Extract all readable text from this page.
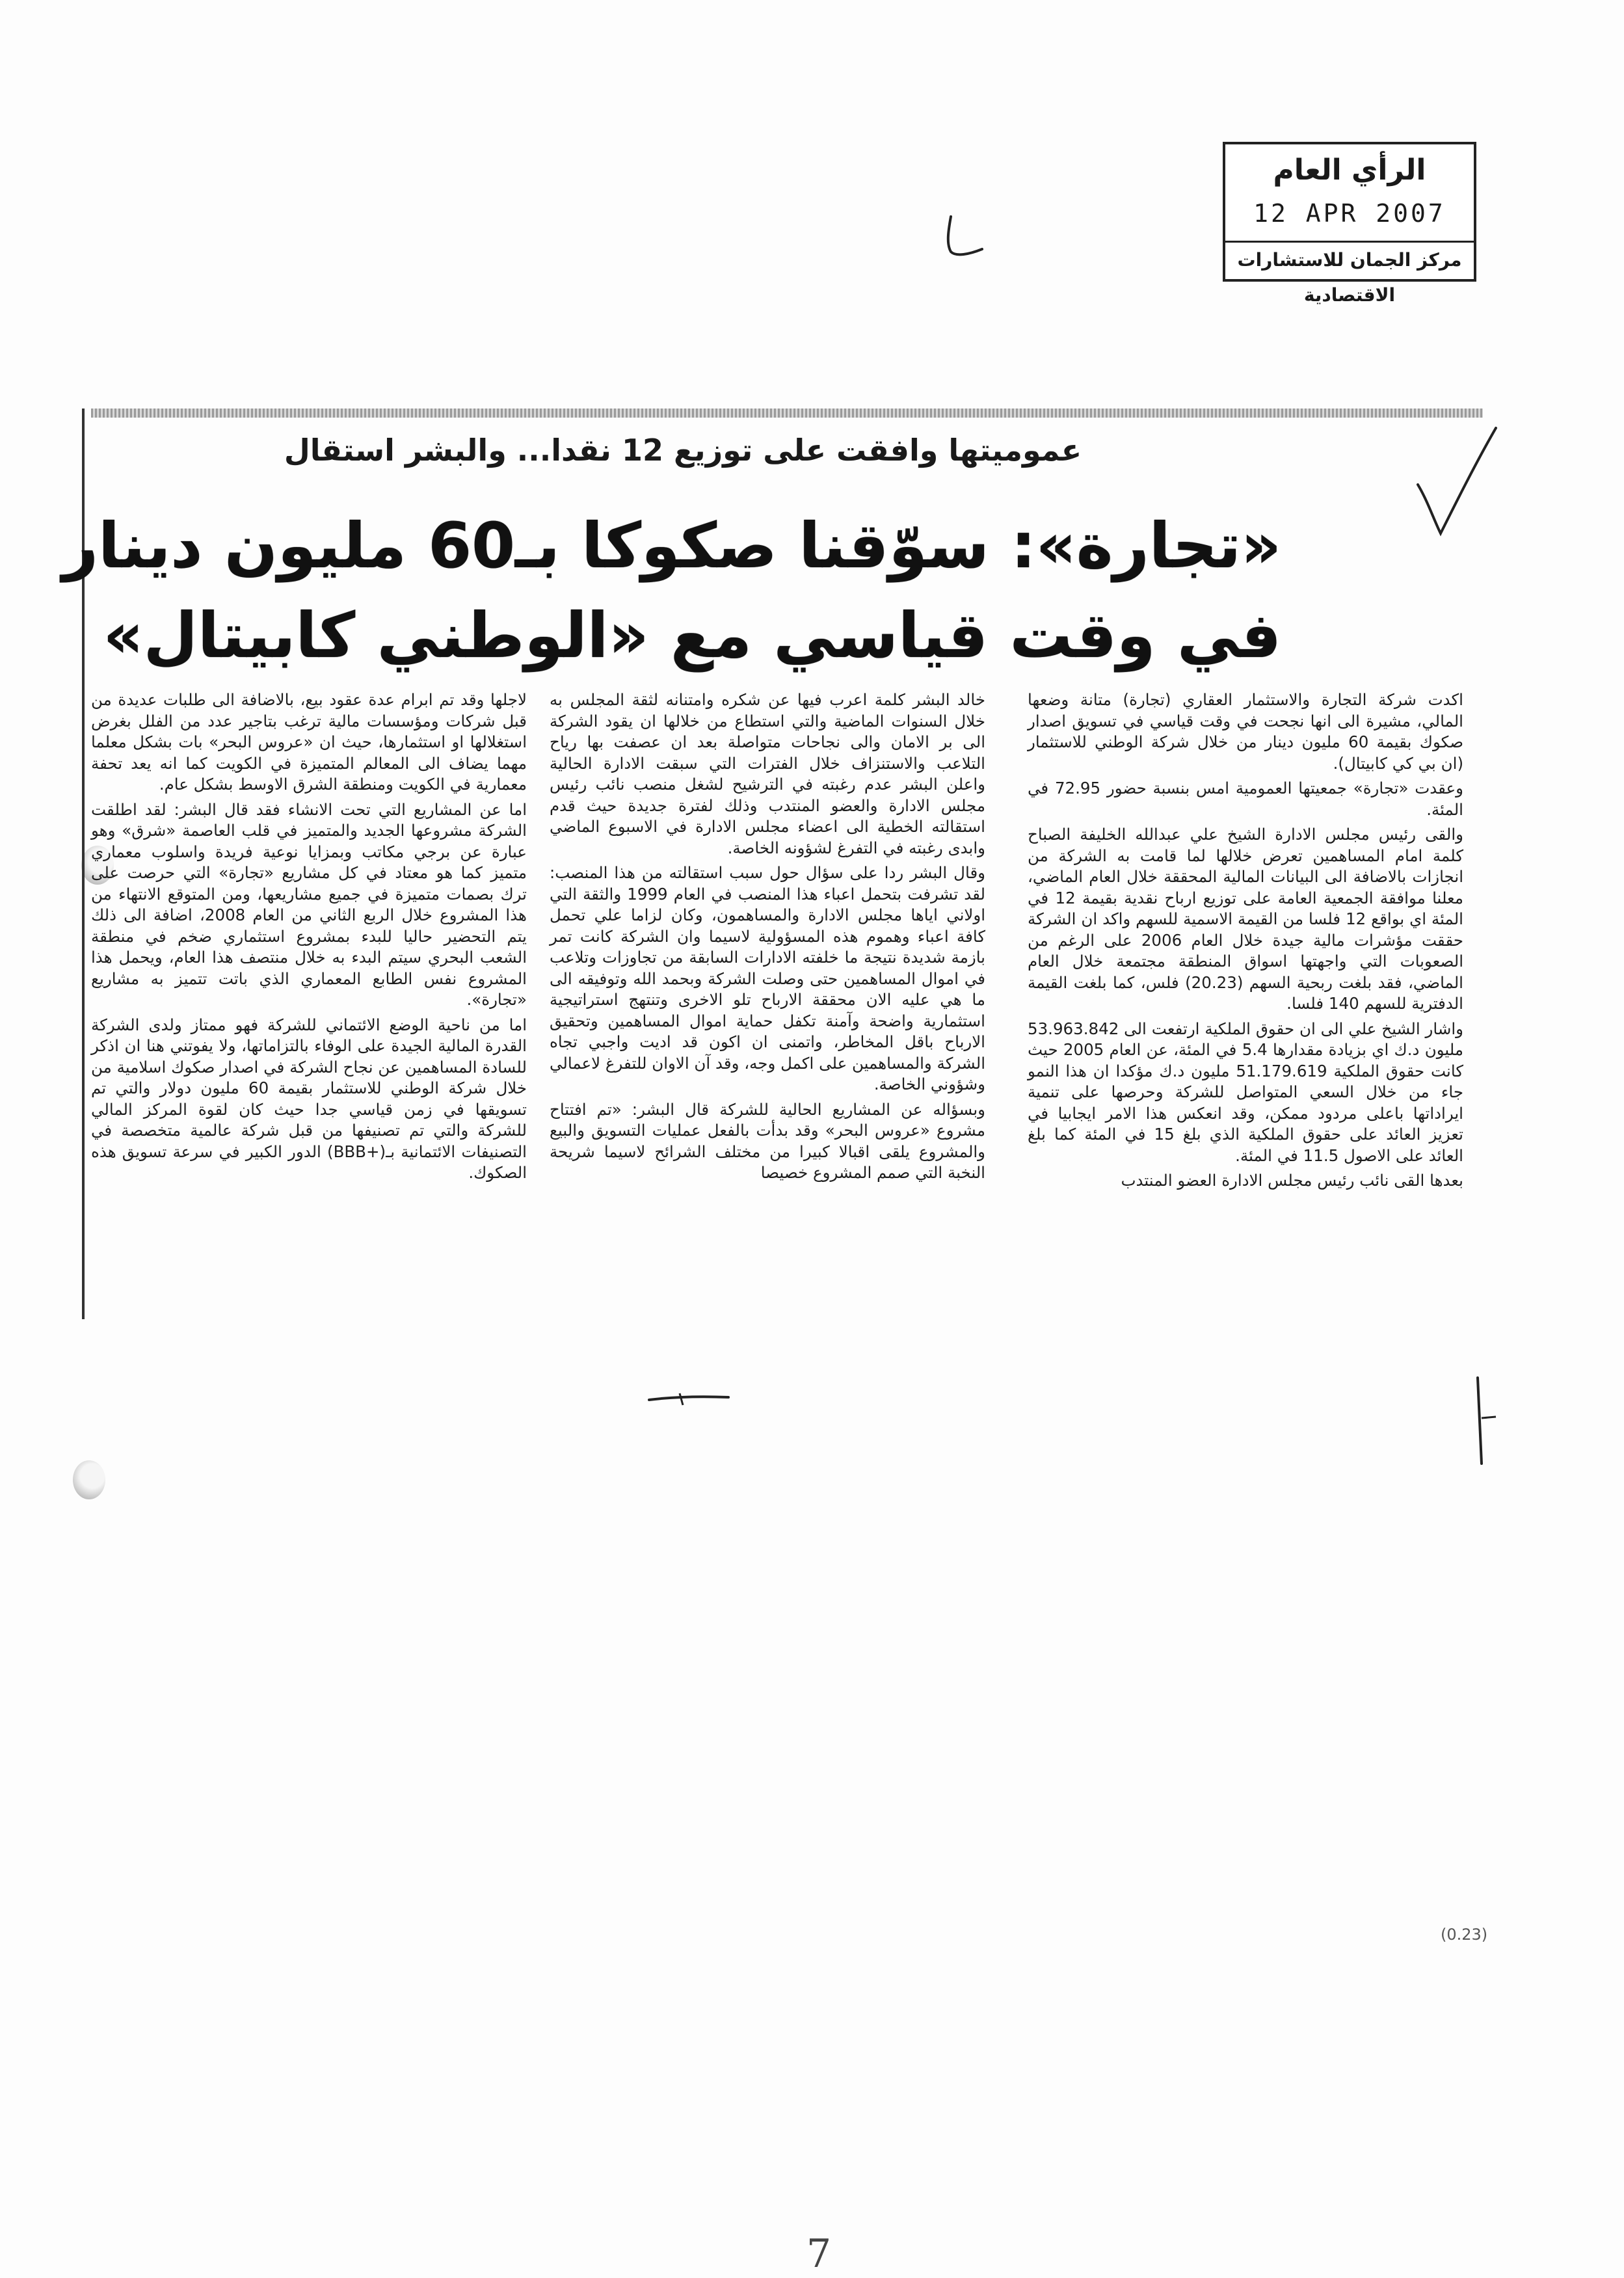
الرأي العام
12 APR 2007
مركز الجمان للاستشارات الاقتصادية
عموميتها وافقت على توزيع 12 نقدا... والبشر استقال
«تجارة»: سوّقنا صكوكا بـ60 مليون دينار
في وقت قياسي مع «الوطني كابيتال»

اكدت شركة التجارة والاستثمار العقاري (تجارة) متانة وضعها المالي، مشيرة الى انها نجحت في وقت قياسي في تسويق اصدار صكوك بقيمة 60 مليون دينار من خلال شركة الوطني للاستثمار (ان بي كي كابيتال).

وعقدت «تجارة» جمعيتها العمومية امس بنسبة حضور 72.95 في المئة.

والقى رئيس مجلس الادارة الشيخ علي عبدالله الخليفة الصباح كلمة امام المساهمين تعرض خلالها لما قامت به الشركة من انجازات بالاضافة الى البيانات المالية المحققة خلال العام الماضي، معلنا موافقة الجمعية العامة على توزيع ارباح نقدية بقيمة 12 في المئة اي بواقع 12 فلسا من القيمة الاسمية للسهم واكد ان الشركة حققت مؤشرات مالية جيدة خلال العام 2006 على الرغم من الصعوبات التي واجهتها اسواق المنطقة مجتمعة خلال العام الماضي، فقد بلغت ربحية السهم (20.23) فلس، كما بلغت القيمة الدفترية للسهم 140 فلسا.

واشار الشيخ علي الى ان حقوق الملكية ارتفعت الى 53.963.842 مليون د.ك اي بزيادة مقدارها 5.4 في المئة، عن العام 2005 حيث كانت حقوق الملكية 51.179.619 مليون د.ك مؤكدا ان هذا النمو جاء من خلال السعي المتواصل للشركة وحرصها على تنمية ايراداتها باعلى مردود ممكن، وقد انعكس هذا الامر ايجابيا في تعزيز العائد على حقوق الملكية الذي بلغ 15 في المئة كما بلغ العائد على الاصول 11.5 في المئة.

بعدها القى نائب رئيس مجلس الادارة العضو المنتدب

خالد البشر كلمة اعرب فيها عن شكره وامتنانه لثقة المجلس به خلال السنوات الماضية والتي استطاع من خلالها ان يقود الشركة الى بر الامان والى نجاحات متواصلة بعد ان عصفت بها رياح التلاعب والاستنزاف خلال الفترات التي سبقت الادارة الحالية واعلن البشر عدم رغبته في الترشيح لشغل منصب نائب رئيس مجلس الادارة والعضو المنتدب وذلك لفترة جديدة حيث قدم استقالته الخطية الى اعضاء مجلس الادارة في الاسبوع الماضي وابدى رغبته في التفرغ لشؤونه الخاصة.

وقال البشر ردا على سؤال حول سبب استقالته من هذا المنصب: لقد تشرفت بتحمل اعباء هذا المنصب في العام 1999 والثقة التي اولاني اياها مجلس الادارة والمساهمون، وكان لزاما علي تحمل كافة اعباء وهموم هذه المسؤولية لاسيما وان الشركة كانت تمر بازمة شديدة نتيجة ما خلفته الادارات السابقة من تجاوزات وتلاعب في اموال المساهمين حتى وصلت الشركة وبحمد الله وتوفيقه الى ما هي عليه الان محققة الارباح تلو الاخرى وتنتهج استراتيجية استثمارية واضحة وآمنة تكفل حماية اموال المساهمين وتحقيق الارباح باقل المخاطر، واتمنى ان اكون قد اديت واجبي تجاه الشركة والمساهمين على اكمل وجه، وقد آن الاوان للتفرغ لاعمالي وشؤوني الخاصة.

وبسؤاله عن المشاريع الحالية للشركة قال البشر: «تم افتتاح مشروع «عروس البحر» وقد بدأت بالفعل عمليات التسويق والبيع والمشروع يلقى اقبالا كبيرا من مختلف الشرائح لاسيما شريحة النخبة التي صمم المشروع خصيصا

لاجلها وقد تم ابرام عدة عقود بيع، بالاضافة الى طلبات عديدة من قبل شركات ومؤسسات مالية ترغب بتاجير عدد من الفلل بغرض استغلالها او استثمارها، حيث ان «عروس البحر» بات بشكل معلما مهما يضاف الى المعالم المتميزة في الكويت كما انه يعد تحفة معمارية في الكويت ومنطقة الشرق الاوسط بشكل عام.

اما عن المشاريع التي تحت الانشاء فقد قال البشر: لقد اطلقت الشركة مشروعها الجديد والمتميز في قلب العاصمة «شرق» وهو عبارة عن برجي مكاتب وبمزايا نوعية فريدة واسلوب معماري متميز كما هو معتاد في كل مشاريع «تجارة» التي حرصت على ترك بصمات متميزة في جميع مشاريعها، ومن المتوقع الانتهاء من هذا المشروع خلال الربع الثاني من العام 2008، اضافة الى ذلك يتم التحضير حاليا للبدء بمشروع استثماري ضخم في منطقة الشعب البحري سيتم البدء به خلال منتصف هذا العام، ويحمل هذا المشروع نفس الطابع المعماري الذي باتت تتميز به مشاريع «تجارة».

اما من ناحية الوضع الائتماني للشركة فهو ممتاز ولدى الشركة القدرة المالية الجيدة على الوفاء بالتزاماتها، ولا يفوتني هنا ان اذكر للسادة المساهمين عن نجاح الشركة في اصدار صكوك اسلامية من خلال شركة الوطني للاستثمار بقيمة 60 مليون دولار والتي تم تسويقها في زمن قياسي جدا حيث كان لقوة المركز المالي للشركة والتي تم تصنيفها من قبل شركة عالمية متخصصة في التصنيفات الائتمانية بـ(+BBB) الدور الكبير في سرعة تسويق هذه الصكوك.

(0.23)
7
